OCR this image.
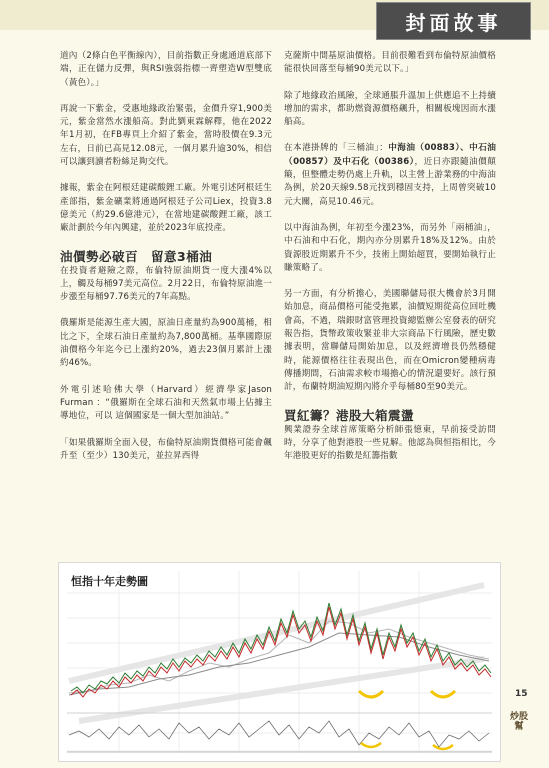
封面故事

道內（2條白色平衡線內），目前指數正身處通道底部下端，正在儲力反彈，與RSI強弱指標一齊塑造W型雙底（黃色）。」

再說一下紫金，受惠地緣政治緊張，金價升穿1,900美元，紫金當然水漲船高。對此劉東霖解釋，他在2022年1月初，在FB專頁上介紹了紫金，當時股價在9.3元左右，日前已高見12.08元，一個月累升逾30%，相信可以讓到讀者粉絲足夠交代。

據報，紫金在阿根廷建碳酸鋰工廠。外電引述阿根廷生產部指，紫金礦業將通過阿根廷子公司Liex，投資3.8億美元（約29.6億港元），在當地建碳酸鋰工廠，該工廠計劃於今年內興建，並於2023年底投產。

油價勢必破百　留意3桶油

在投資者避險之際，布倫特原油期貨一度大漲4%以上，觸及每桶97美元高位。2月22日，布倫特原油進一步漲至每桶97.76美元的7年高點。

俄羅斯是能源生產大國，原油日產量約為900萬桶，相比之下，全球石油日產量約為7,800萬桶。基準國際原油價格今年迄今已上漲約20%，過去23個月累計上漲約46%。

外電引述哈佛大學（Harvard）經濟學家Jason Furman ：“俄羅斯在全球石油和天然氣市場上佔據主導地位，可以 這個國家是一個大型加油站。”

「如果俄羅斯全面入侵，布倫特原油期貨價格可能會飆升至（至少）130美元，並拉昇西得

克薩斯中間基原油價格。目前很難看到布倫特原油價格能很快回落至每桶90美元以下。」

除了地緣政治風險，全球通脹升溫加上供應追不上持續增加的需求，都助燃資源價格飆升，相關板塊因而水漲船高。

在本港掛牌的「三桶油」：中海油（00883）、中石油（00857）及中石化（00386），近日亦跟隨油價顛簸，但整體走勢仍處上升軌，以主營上游業務的中海油為例，於20天線9.58元找到穩固支持，上周曾突破10元大關，高見10.46元。

以中海油為例，年初至今漲23%，而另外「兩桶油」，中石油和中石化，期內亦分別累升18%及12%。由於資源股近期累升不少，技術上開始超買，要開始執行止賺策略了。

另一方面，有分析擔心，美國聯儲局很大機會於3月開始加息，商品價格可能受拖累，油價短期從高位回吐機會高，不過，瑞銀財富管理投資總監辦公室發表的研究報告指，貨幣政策收緊並非大宗商品下行風險，歷史數據表明，當聯儲局開始加息，以及經濟增長仍然穩健時，能源價格往往表現出色，而在Omicron變種病毒傳播期間，石油需求較市場擔心的情況還要好。該行預計，布蘭特期油短期內將介乎每桶80至90美元。

買紅籌？港股大箱震盪

興業證券全球首席策略分析師張憶東，早前接受訪問時，分享了他對港股一些見解。他認為與恒指相比，今年港股更好的指數是紅籌指數

恒指十年走勢圖
15
炒股幫
